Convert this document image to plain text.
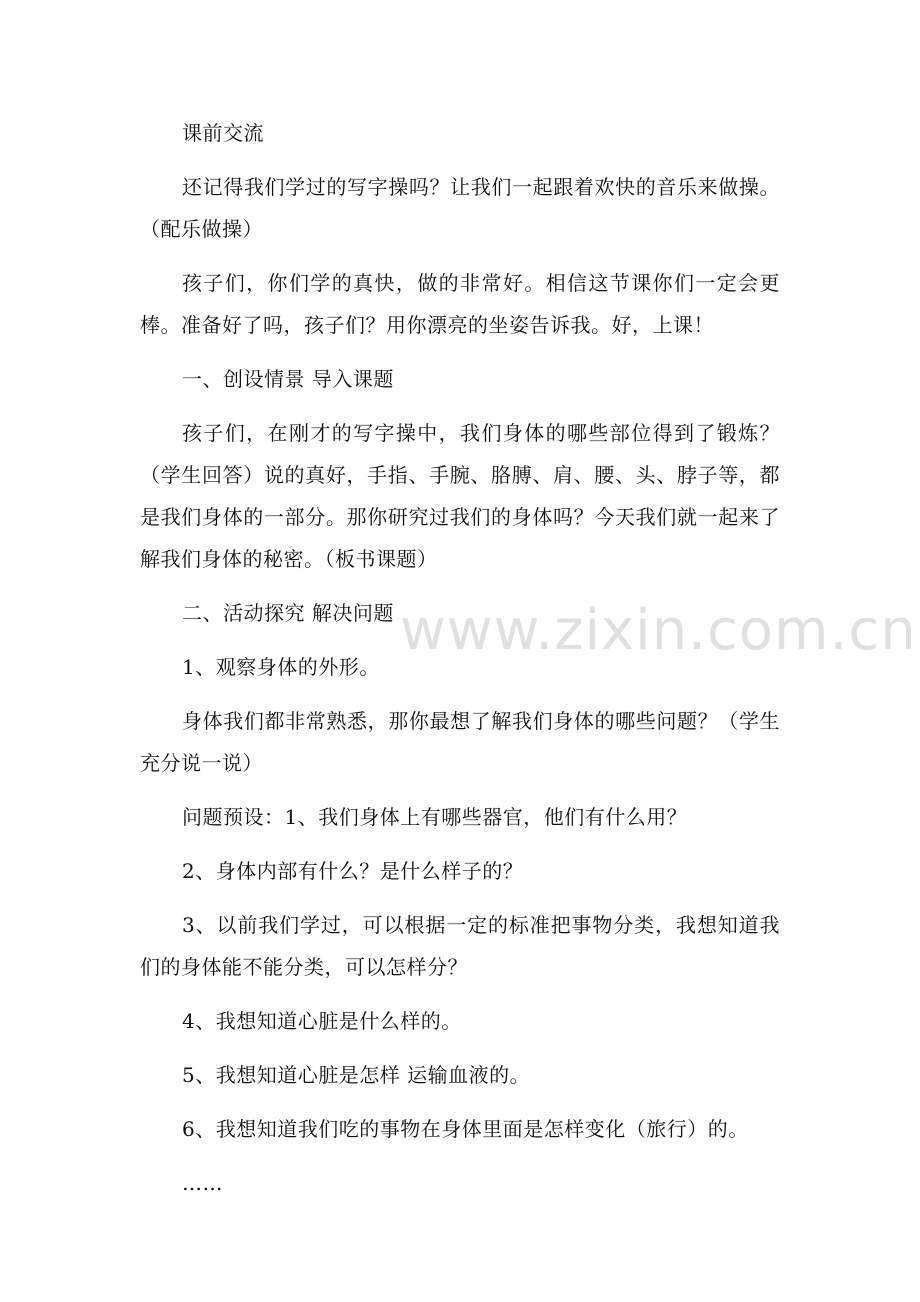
课前交流

还记得我们学过的写字操吗？让我们一起跟着欢快的音乐来做操。（配乐做操）

孩子们，你们学的真快，做的非常好。相信这节课你们一定会更棒。准备好了吗，孩子们？用你漂亮的坐姿告诉我。好，上课！

一、创设情景 导入课题

孩子们，在刚才的写字操中，我们身体的哪些部位得到了锻炼？（学生回答）说的真好，手指、手腕、胳膊、肩、腰、头、脖子等，都是我们身体的一部分。那你研究过我们的身体吗？今天我们就一起来了解我们身体的秘密。（板书课题）

二、活动探究 解决问题

1、观察身体的外形。

身体我们都非常熟悉，那你最想了解我们身体的哪些问题？（学生充分说一说）

问题预设：1、我们身体上有哪些器官，他们有什么用？

2、身体内部有什么？是什么样子的？

3、以前我们学过，可以根据一定的标准把事物分类，我想知道我们的身体能不能分类，可以怎样分？

4、我想知道心脏是什么样的。

5、我想知道心脏是怎样 运输血液的。

6、我想知道我们吃的事物在身体里面是怎样变化（旅行）的。

……

www.zixin.com.cn
